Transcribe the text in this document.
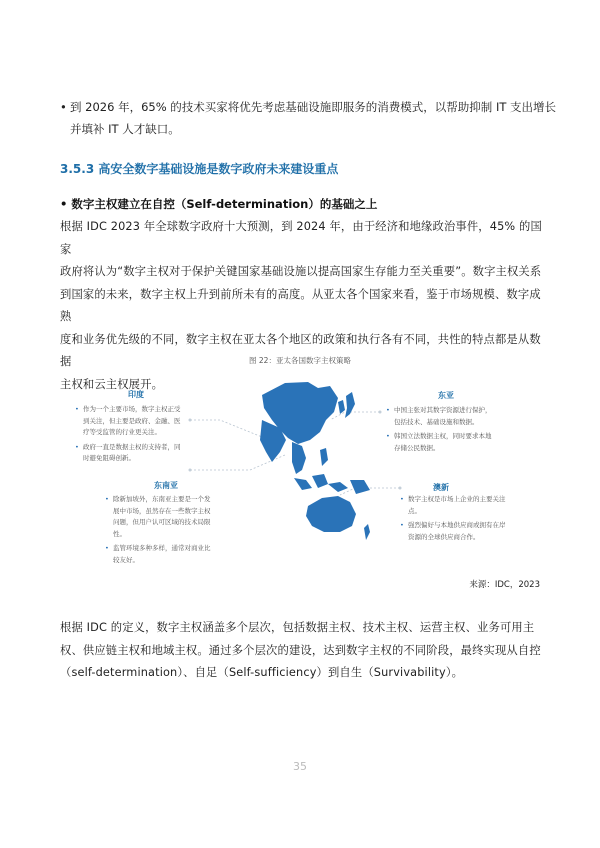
• 到 2026 年，65% 的技术买家将优先考虑基础设施即服务的消费模式，以帮助抑制 IT 支出增长
并填补 IT 人才缺口。
3.5.3 高安全数字基础设施是数字政府未来建设重点
• 数字主权建立在自控（Self-determination）的基础之上
根据 IDC 2023 年全球数字政府十大预测，到 2024 年，由于经济和地缘政治事件，45% 的国家
政府将认为“数字主权对于保护关键国家基础设施以提高国家生存能力至关重要”。数字主权关系
到国家的未来，数字主权上升到前所未有的高度。从亚太各个国家来看，鉴于市场规模、数字成熟
度和业务优先级的不同，数字主权在亚太各个地区的政策和执行各有不同，共性的特点都是从数据
主权和云主权展开。
图 22：亚太各国数字主权策略
印度
• 作为一个主要市场，数字主权正受到关注，但主要是政府、金融、医疗等受监管的行业更关注。
• 政府一直是数据主权的支持者，同时避免阻碍创新。
东亚
• 中国主张对其数字资源进行保护，包括技术、基础设施和数据。
• 韩国立法数据主权，同时要求本地存储公民数据。
东南亚
• 除新加坡外，东南亚主要是一个发展中市场，虽然存在一些数字主权问题，但用户认可区域的技术局限性。
• 监管环境多种多样，通常对商业比较友好。
澳新
• 数字主权是市场上企业的主要关注点。
• 强烈偏好与本地供应商或拥有在岸资源的全球供应商合作。
来源：IDC，2023
根据 IDC 的定义，数字主权涵盖多个层次，包括数据主权、技术主权、运营主权、业务可用主
权、供应链主权和地域主权。通过多个层次的建设，达到数字主权的不同阶段，最终实现从自控
（self-determination）、自足（Self-sufficiency）到自生（Survivability）。
35
